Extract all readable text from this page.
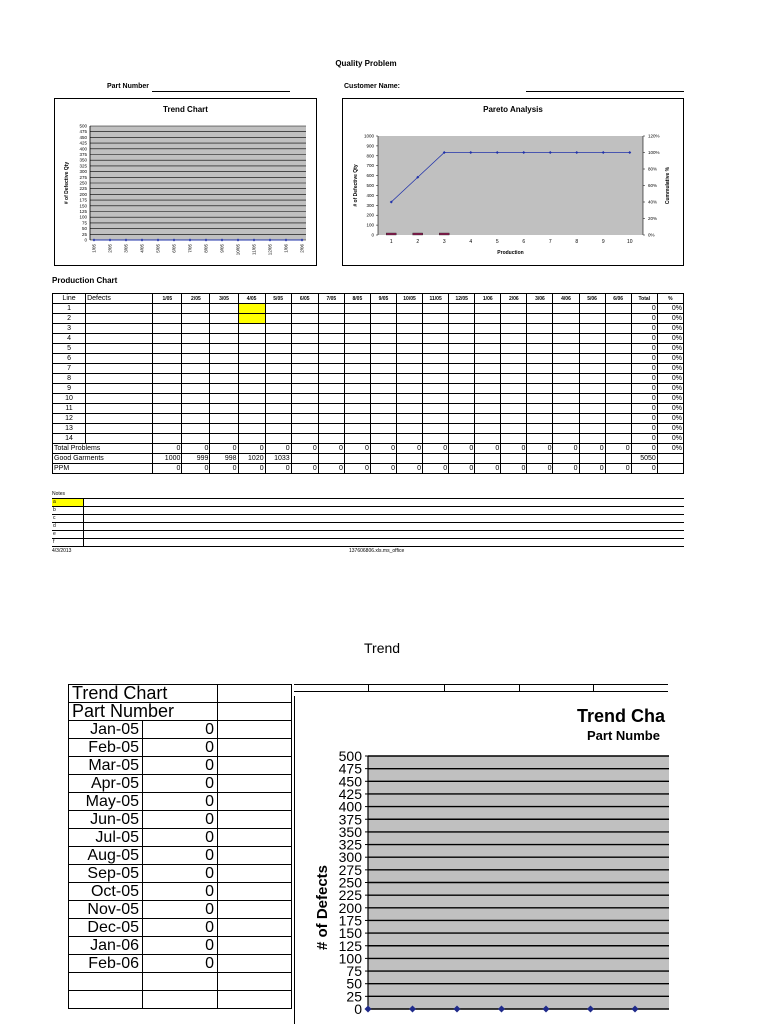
Quality Problem
Part Number	Customer Name:
Trend Chart
500
475
450
425
400
375
350
325
300
275
250
225
200
175
150
125
100
75
50
25
0
# of Defective Qty
1/05 2/05 3/05 4/05 5/05 6/05 7/05 8/05 9/05 10/05 11/05 12/05 1/06 2/06
Pareto Analysis
1000
900
800
700
600
500
400
300
200
100
0
120%
100%
80%
60%
40%
20%
0%
# of Defective Qty	Cummulative %
1	2	3	4	5	6	7	8	9	10
Production
Production Chart
Line	Defects	1/05	2/05	3/05	4/05	5/05	6/05	7/05	8/05	9/05	10/05	11/05	12/05	1/06	2/06	3/06	4/06	5/06	6/06	Total	%
1																				0	0%
2																				0	0%
3																				0	0%
4																				0	0%
5																				0	0%
6																				0	0%
7																				0	0%
8																				0	0%
9																				0	0%
10																				0	0%
11																				0	0%
12																				0	0%
13																				0	0%
14																				0	0%
Total Problems		0	0	0	0	0	0	0	0	0	0	0	0	0	0	0	0	0	0	0	0%
Good Garments		1000	999	998	1020	1033														5050	
PPM		0	0	0	0	0	0	0	0	0	0	0	0	0	0	0	0	0	0	0	
Notes
a
b
c
d
e
f
4/3/2013	137606806.xls.ms_office
Trend
Trend Chart		
Part Number		
Jan-05	0	
Feb-05	0	
Mar-05	0	
Apr-05	0	
May-05	0	
Jun-05	0	
Jul-05	0	
Aug-05	0	
Sep-05	0	
Oct-05	0	
Nov-05	0	
Dec-05	0	
Jan-06	0	
Feb-06	0	

Trend Cha
Part Numbe
500
475
450
425
400
375
350
325
300
275
250
225
200
175
150
125
100
75
50
25
0
# of Defects
